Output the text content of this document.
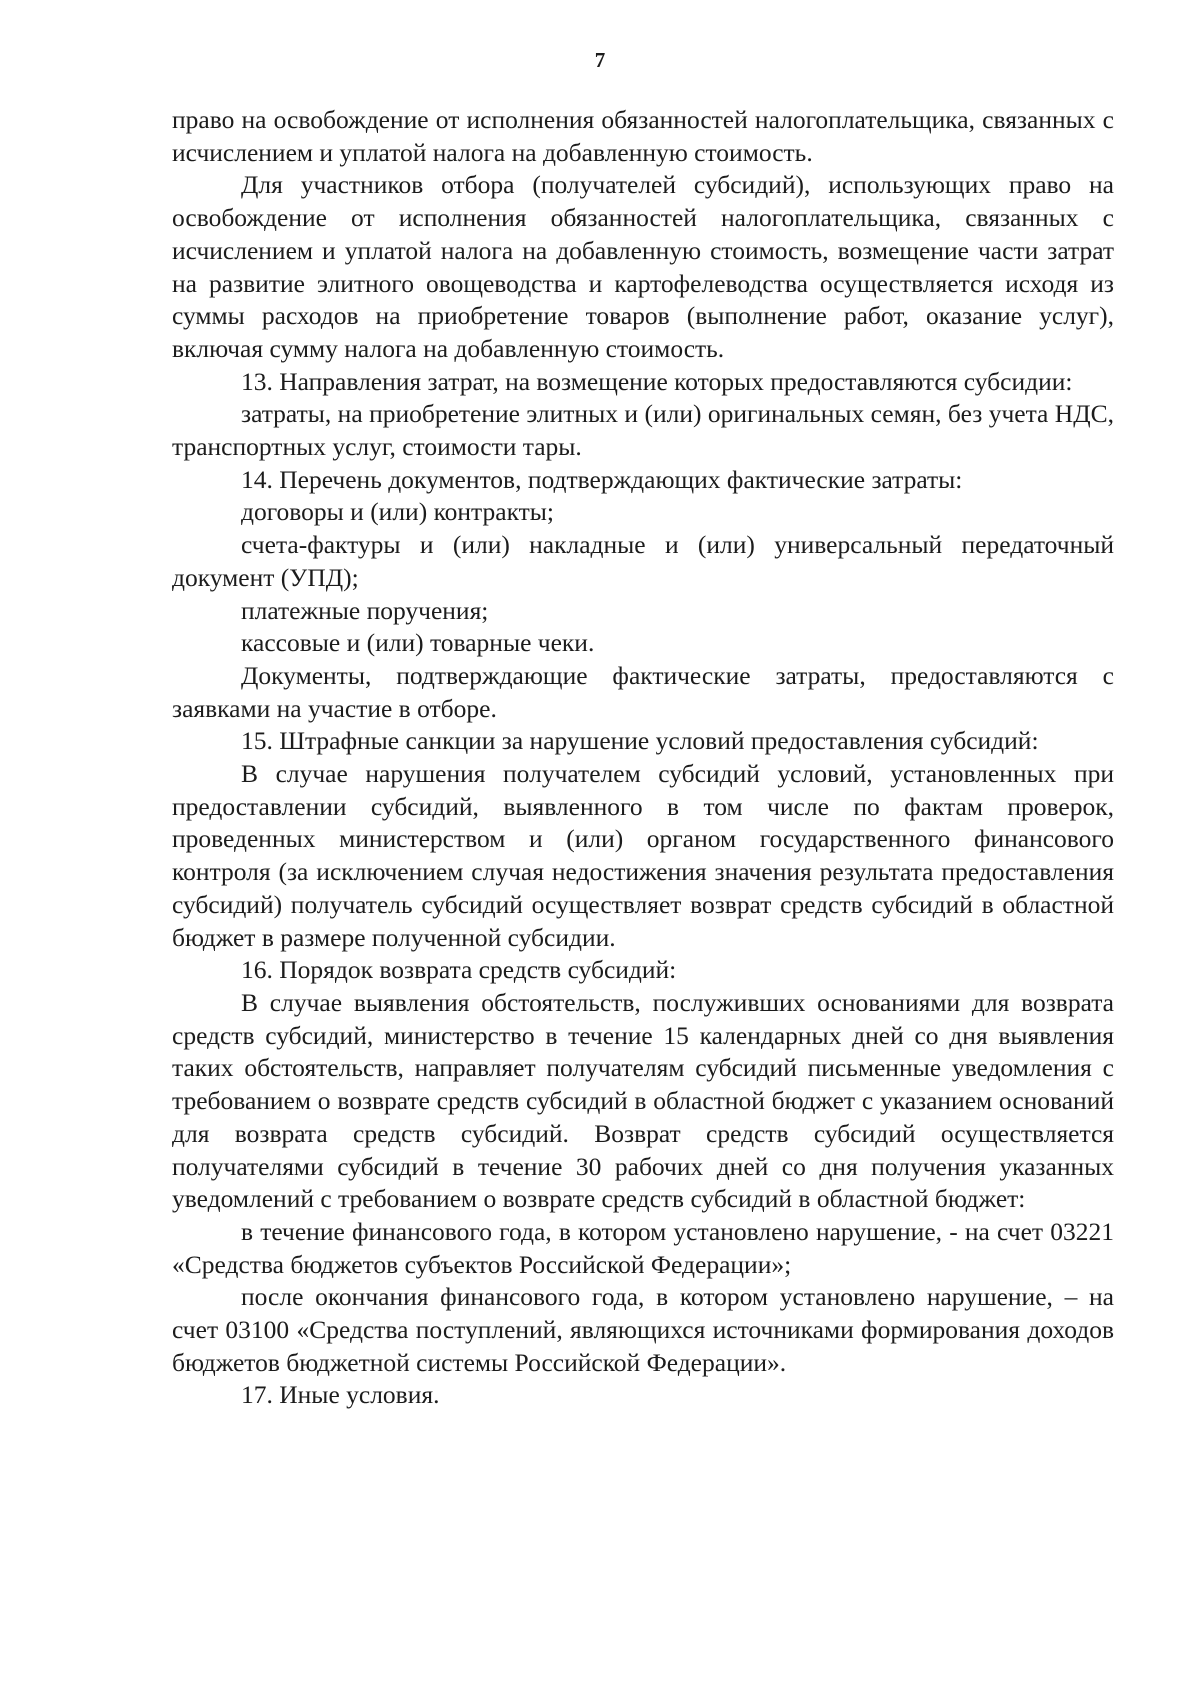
7

право на освобождение от исполнения обязанностей налогоплательщика, связанных с исчислением и уплатой налога на добавленную стоимость.

Для участников отбора (получателей субсидий), использующих право на освобождение от исполнения обязанностей налогоплательщика, связанных с исчислением и уплатой налога на добавленную стоимость, возмещение части затрат на развитие элитного овощеводства и картофелеводства осуществляется исходя из суммы расходов на приобретение товаров (выполнение работ, оказание услуг), включая сумму налога на добавленную стоимость.

13. Направления затрат, на возмещение которых предоставляются субсидии:

затраты, на приобретение элитных и (или) оригинальных семян, без учета НДС, транспортных услуг, стоимости тары.

14. Перечень документов, подтверждающих фактические затраты:

договоры и (или) контракты;

счета-фактуры и (или) накладные и (или) универсальный передаточный документ (УПД);

платежные поручения;

кассовые и (или) товарные чеки.

Документы, подтверждающие фактические затраты, предоставляются с заявками на участие в отборе.

15. Штрафные санкции за нарушение условий предоставления субсидий:

В случае нарушения получателем субсидий условий, установленных при предоставлении субсидий, выявленного в том числе по фактам проверок, проведенных министерством и (или) органом государственного финансового контроля (за исключением случая недостижения значения результата предоставления субсидий) получатель субсидий осуществляет возврат средств субсидий в областной бюджет в размере полученной субсидии.

16. Порядок возврата средств субсидий:

В случае выявления обстоятельств, послуживших основаниями для возврата средств субсидий, министерство в течение 15 календарных дней со дня выявления таких обстоятельств, направляет получателям субсидий письменные уведомления с требованием о возврате средств субсидий в областной бюджет с указанием оснований для возврата средств субсидий. Возврат средств субсидий осуществляется получателями субсидий в течение 30 рабочих дней со дня получения указанных уведомлений с требованием о возврате средств субсидий в областной бюджет:

в течение финансового года, в котором установлено нарушение, - на счет 03221 «Средства бюджетов субъектов Российской Федерации»;

после окончания финансового года, в котором установлено нарушение, – на счет 03100 «Средства поступлений, являющихся источниками формирования доходов бюджетов бюджетной системы Российской Федерации».

17. Иные условия.
